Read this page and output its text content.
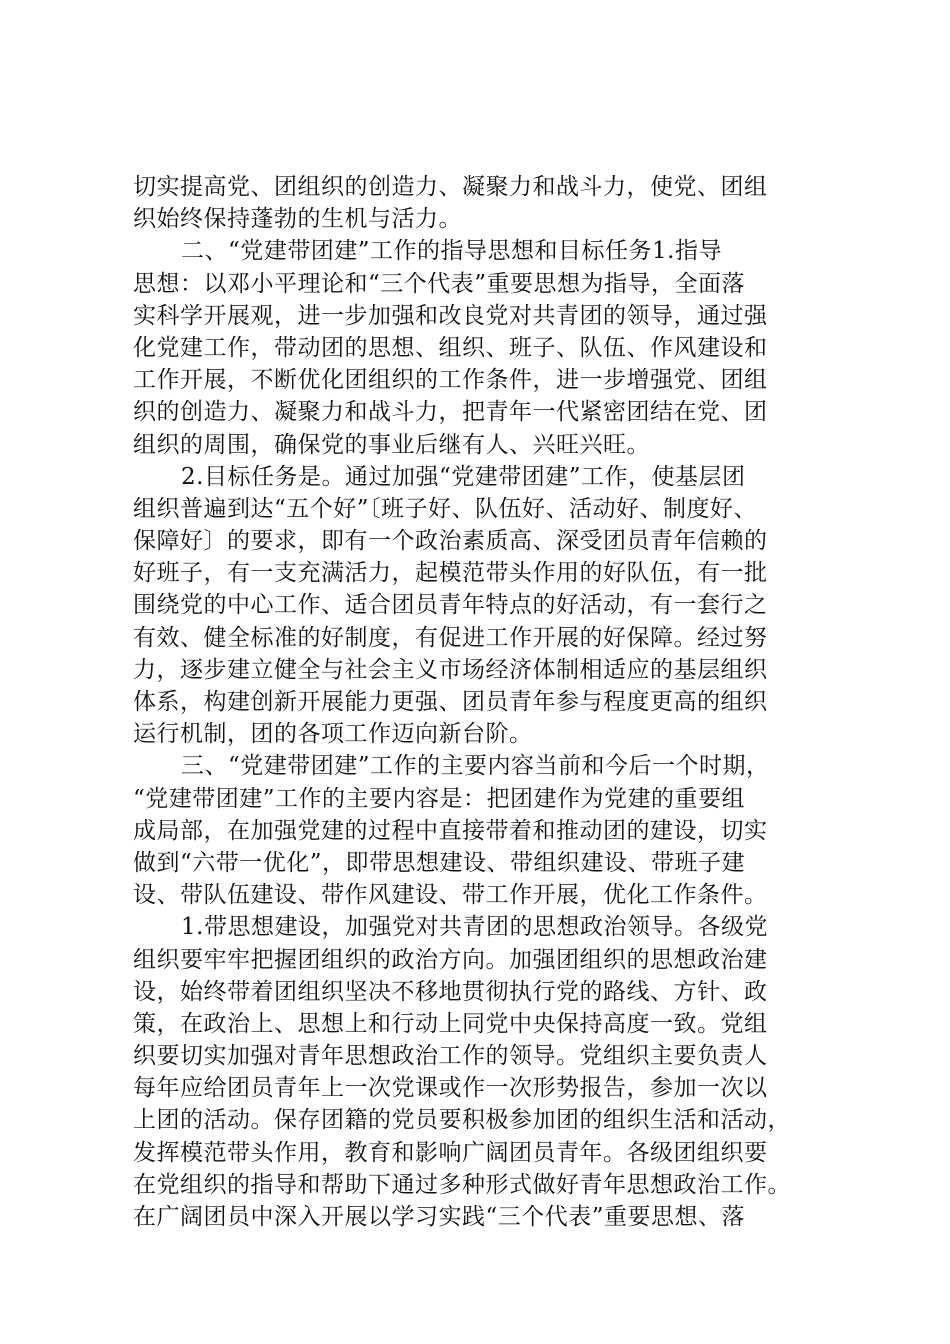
切实提高党、团组织的创造力、凝聚力和战斗力，使党、团组
织始终保持蓬勃的生机与活力。

二、“党建带团建”工作的指导思想和目标任务1.指导
思想：以邓小平理论和“三个代表”重要思想为指导，全面落
实科学开展观，进一步加强和改良党对共青团的领导，通过强
化党建工作，带动团的思想、组织、班子、队伍、作风建设和
工作开展，不断优化团组织的工作条件，进一步增强党、团组
织的创造力、凝聚力和战斗力，把青年一代紧密团结在党、团
组织的周围，确保党的事业后继有人、兴旺兴旺。

2.目标任务是。通过加强“党建带团建”工作，使基层团
组织普遍到达“五个好”〔班子好、队伍好、活动好、制度好、
保障好〕的要求，即有一个政治素质高、深受团员青年信赖的
好班子，有一支充满活力，起模范带头作用的好队伍，有一批
围绕党的中心工作、适合团员青年特点的好活动，有一套行之
有效、健全标准的好制度，有促进工作开展的好保障。经过努
力，逐步建立健全与社会主义市场经济体制相适应的基层组织
体系，构建创新开展能力更强、团员青年参与程度更高的组织
运行机制，团的各项工作迈向新台阶。

三、“党建带团建”工作的主要内容当前和今后一个时期，
“党建带团建”工作的主要内容是：把团建作为党建的重要组
成局部，在加强党建的过程中直接带着和推动团的建设，切实
做到“六带一优化”，即带思想建设、带组织建设、带班子建
设、带队伍建设、带作风建设、带工作开展，优化工作条件。

1.带思想建设，加强党对共青团的思想政治领导。各级党
组织要牢牢把握团组织的政治方向。加强团组织的思想政治建
设，始终带着团组织坚决不移地贯彻执行党的路线、方针、政
策，在政治上、思想上和行动上同党中央保持高度一致。党组
织要切实加强对青年思想政治工作的领导。党组织主要负责人
每年应给团员青年上一次党课或作一次形势报告，参加一次以
上团的活动。保存团籍的党员要积极参加团的组织生活和活动，
发挥模范带头作用，教育和影响广阔团员青年。各级团组织要
在党组织的指导和帮助下通过多种形式做好青年思想政治工作。
在广阔团员中深入开展以学习实践“三个代表”重要思想、落
